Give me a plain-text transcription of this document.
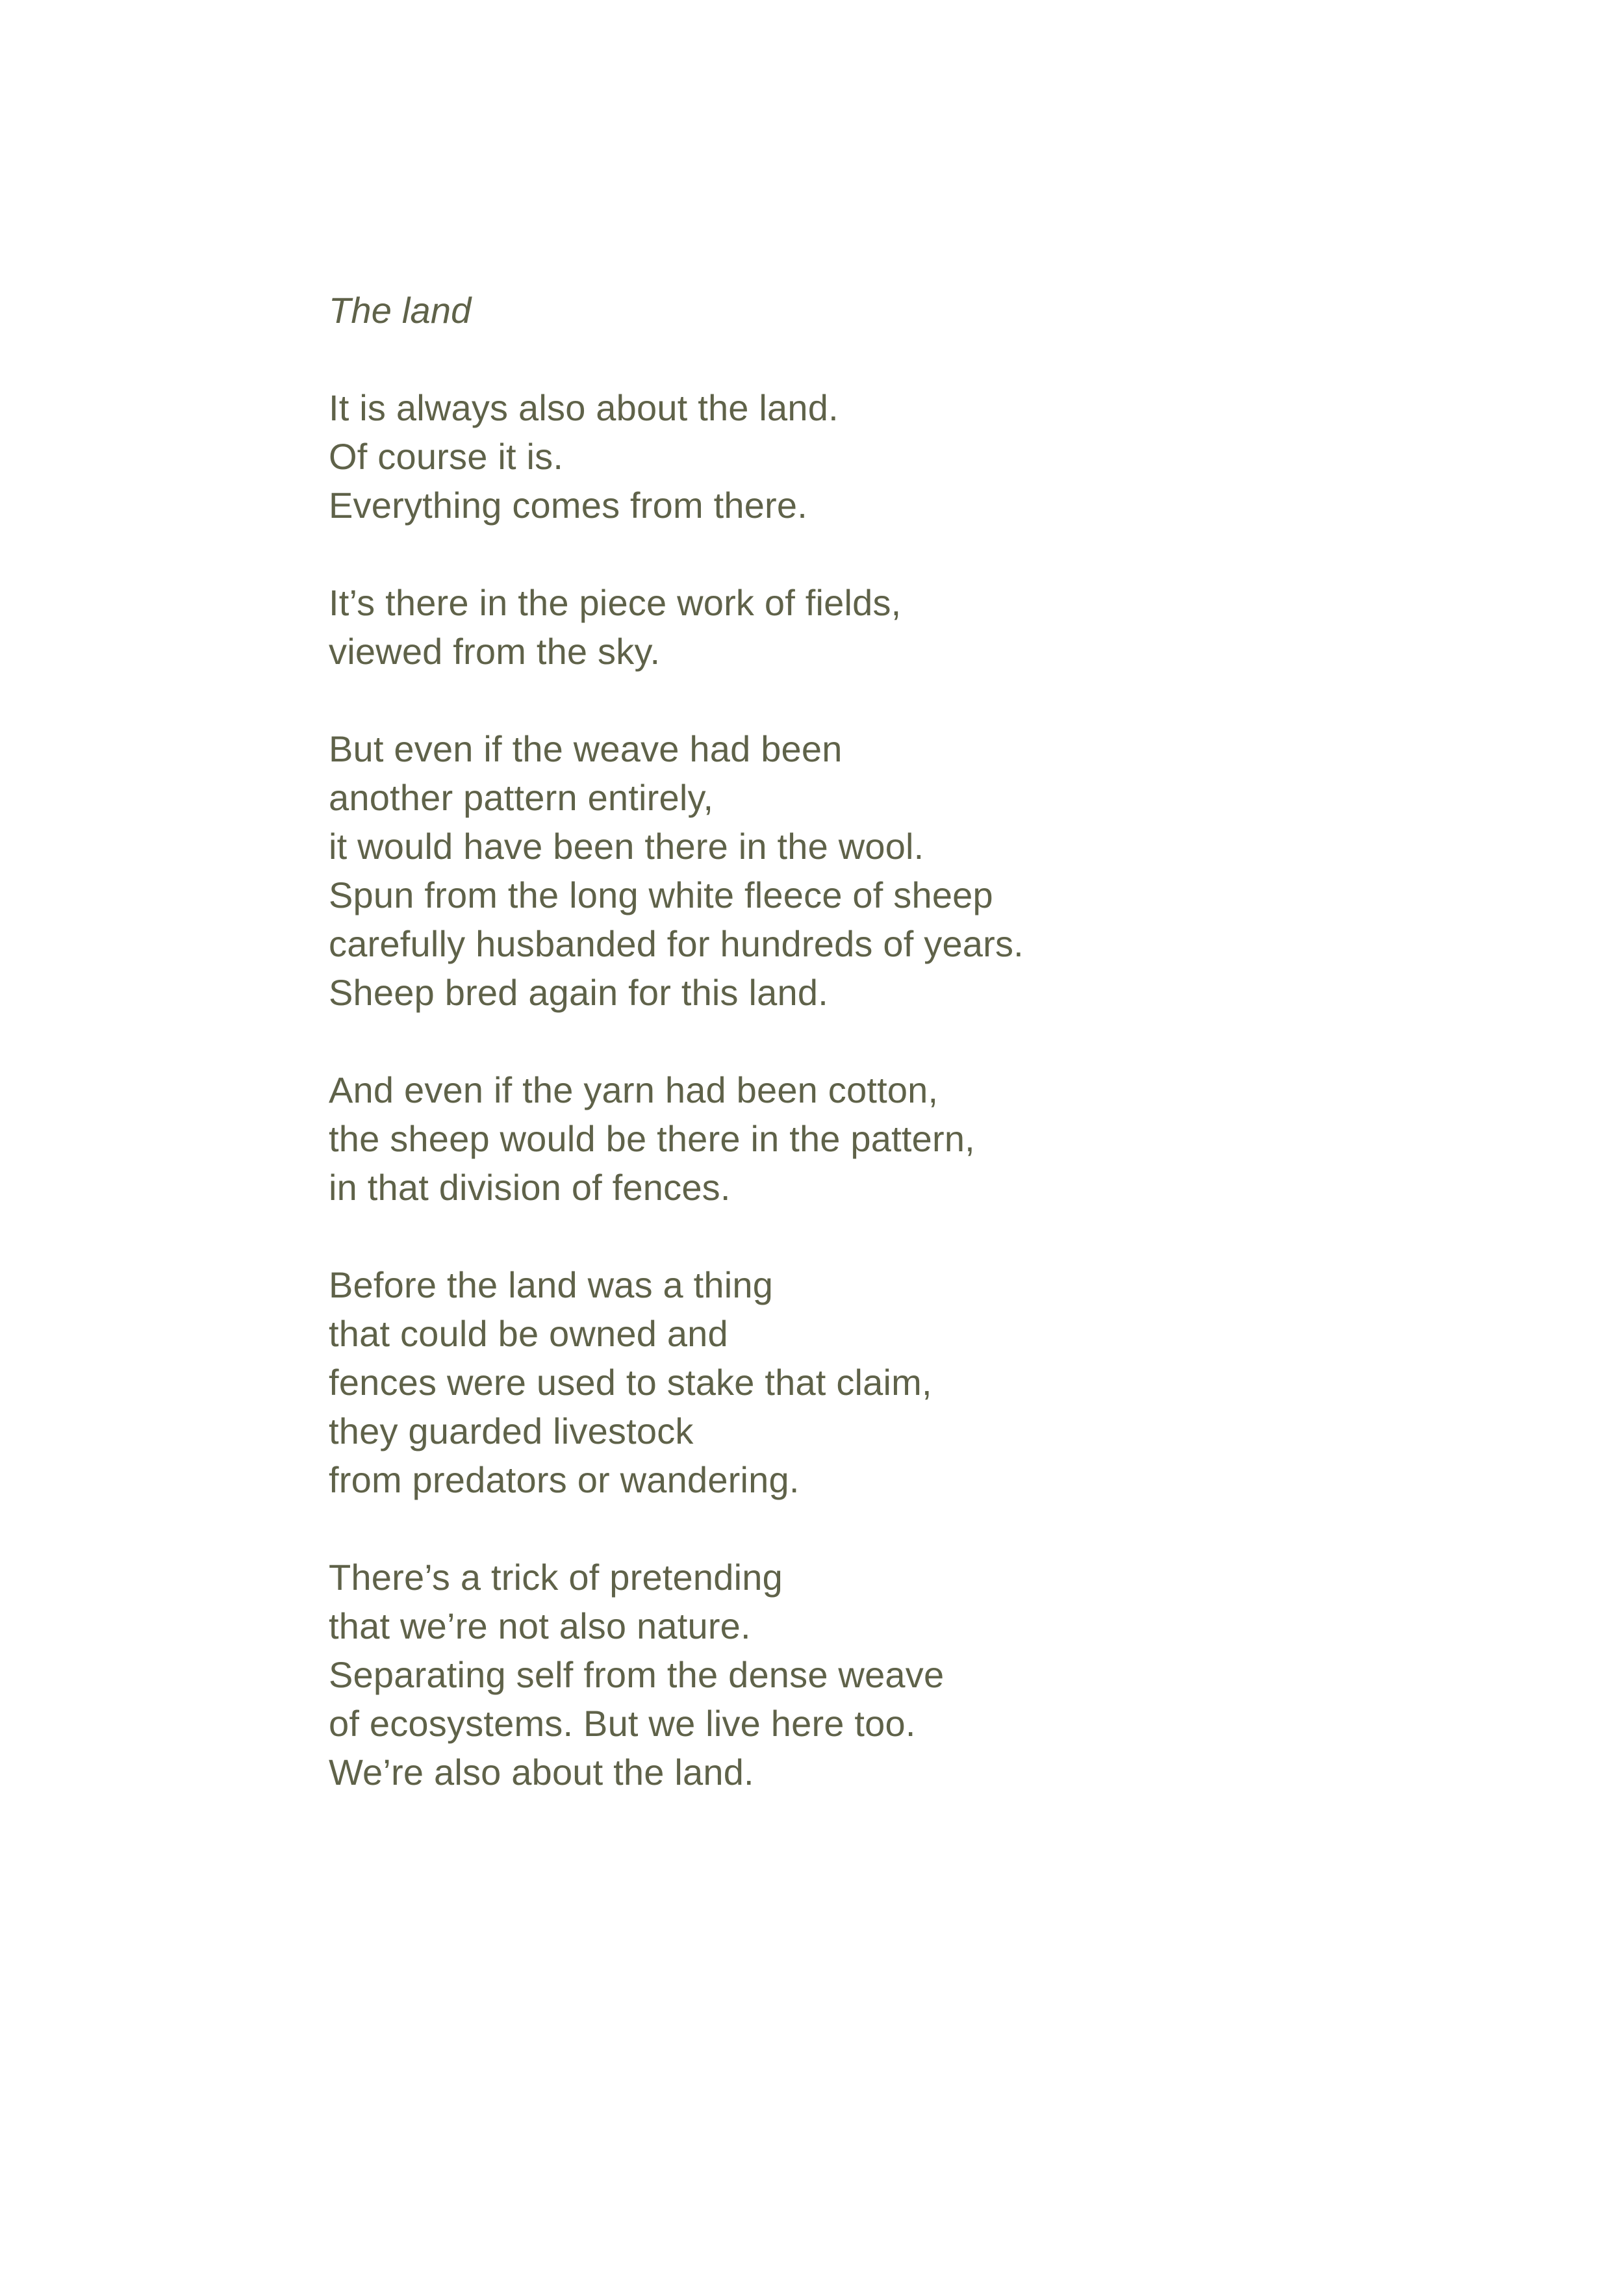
The land
It is always also about the land.
Of course it is.
Everything comes from there.
It’s there in the piece work of fields,
viewed from the sky.
But even if the weave had been
another pattern entirely,
it would have been there in the wool.
Spun from the long white fleece of sheep
carefully husbanded for hundreds of years.
Sheep bred again for this land.
And even if the yarn had been cotton,
the sheep would be there in the pattern,
in that division of fences.
Before the land was a thing
that could be owned and
fences were used to stake that claim,
they guarded livestock
from predators or wandering.
There’s a trick of pretending
that we’re not also nature.
Separating self from the dense weave
of ecosystems. But we live here too.
We’re also about the land.
